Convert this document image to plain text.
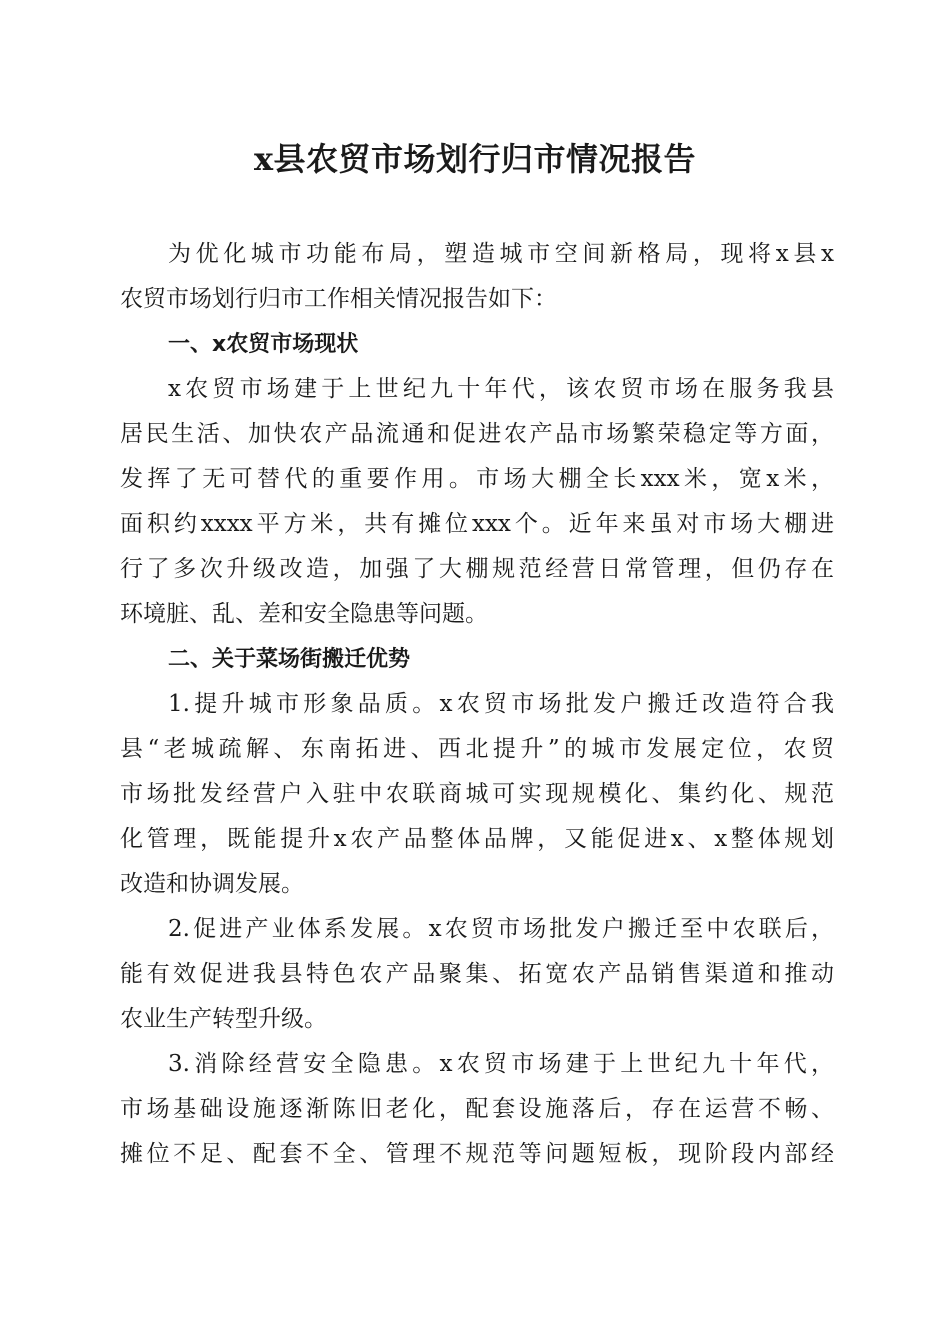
x县农贸市场划行归市情况报告
为优化城市功能布局，塑造城市空间新格局，现将x县x
农贸市场划行归市工作相关情况报告如下：
一、x农贸市场现状
x农贸市场建于上世纪九十年代，该农贸市场在服务我县
居民生活、加快农产品流通和促进农产品市场繁荣稳定等方面，
发挥了无可替代的重要作用。市场大棚全长xxx米，宽x米，
面积约xxxx平方米，共有摊位xxx个。近年来虽对市场大棚进
行了多次升级改造，加强了大棚规范经营日常管理，但仍存在
环境脏、乱、差和安全隐患等问题。
二、关于菜场街搬迁优势
1.提升城市形象品质。x农贸市场批发户搬迁改造符合我
县“老城疏解、东南拓进、西北提升”的城市发展定位，农贸
市场批发经营户入驻中农联商城可实现规模化、集约化、规范
化管理，既能提升x农产品整体品牌，又能促进x、x整体规划
改造和协调发展。
2.促进产业体系发展。x农贸市场批发户搬迁至中农联后，
能有效促进我县特色农产品聚集、拓宽农产品销售渠道和推动
农业生产转型升级。
3.消除经营安全隐患。x农贸市场建于上世纪九十年代，
市场基础设施逐渐陈旧老化，配套设施落后，存在运营不畅、
摊位不足、配套不全、管理不规范等问题短板，现阶段内部经
